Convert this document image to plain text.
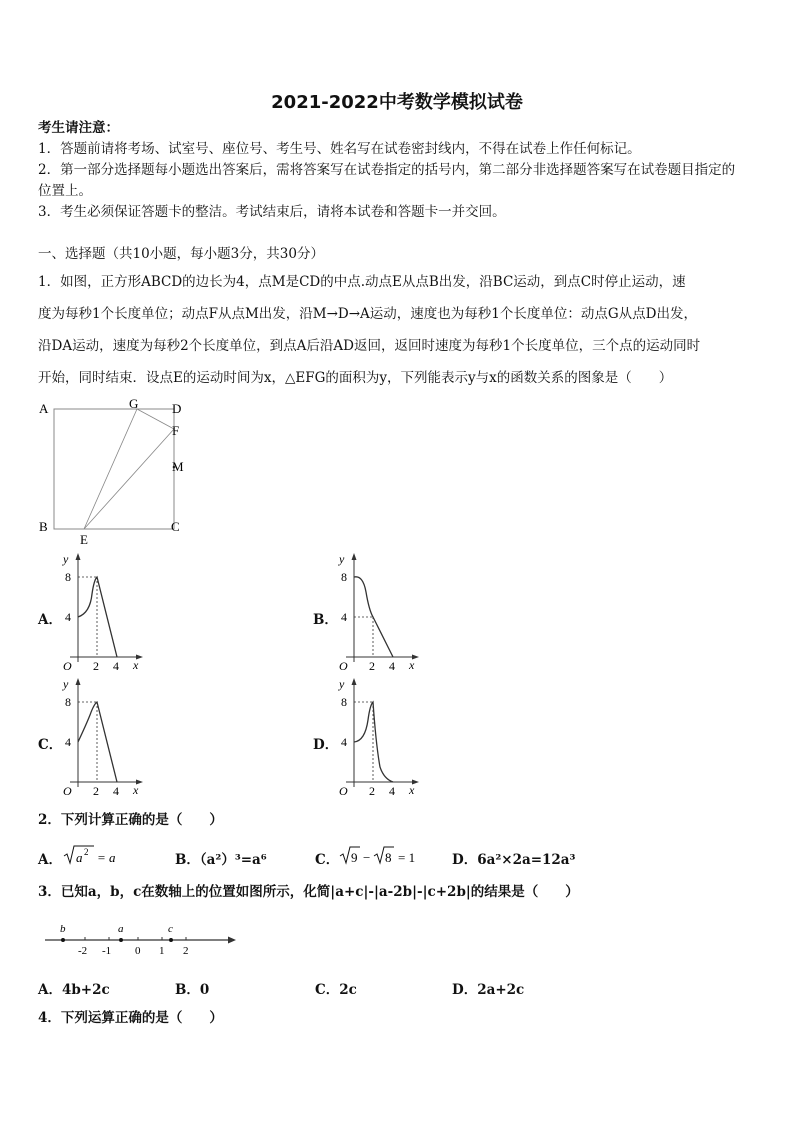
2021-2022中考数学模拟试卷
考生请注意：
1．答题前请将考场、试室号、座位号、考生号、姓名写在试卷密封线内，不得在试卷上作任何标记。
2．第一部分选择题每小题选出答案后，需将答案写在试卷指定的括号内，第二部分非选择题答案写在试卷题目指定的
位置上。
3．考生必须保证答题卡的整洁。考试结束后，请将本试卷和答题卡一并交回。
一、选择题（共10小题，每小题3分，共30分）
1．如图，正方形ABCD的边长为4，点M是CD的中点.动点E从点B出发，沿BC运动，到点C时停止运动，速
度为每秒1个长度单位；动点F从点M出发，沿M→D→A运动，速度也为每秒1个长度单位：动点G从点D出发，
沿DA运动，速度为每秒2个长度单位，到点A后沿AD返回，返回时速度为每秒1个长度单位，三个点的运动同时
开始，同时结束．设点E的运动时间为x，△EFG的面积为y，下列能表示y与x的函数关系的图象是（　　）
A
B	C
D
E
F
G
M
A．	B．
C．	D．
y
x
O
8
4
2 4
y
x
O
8
4
2 4
y
x
O
8
4
2 4
y
x
O
8
4
2 4
2．下列计算正确的是（　　）
A． a 2 = a	B．（a²）³=a⁶	C． 9 − 8 = 1	D．6a²×2a=12a³
3．已知a，b，c在数轴上的位置如图所示，化简|a+c|-|a-2b|-|c+2b|的结果是（　　）
b	a	c
-2 -1 0 1 2
A．4b+2c	B．0	C．2c	D．2a+2c
4．下列运算正确的是（　　）
